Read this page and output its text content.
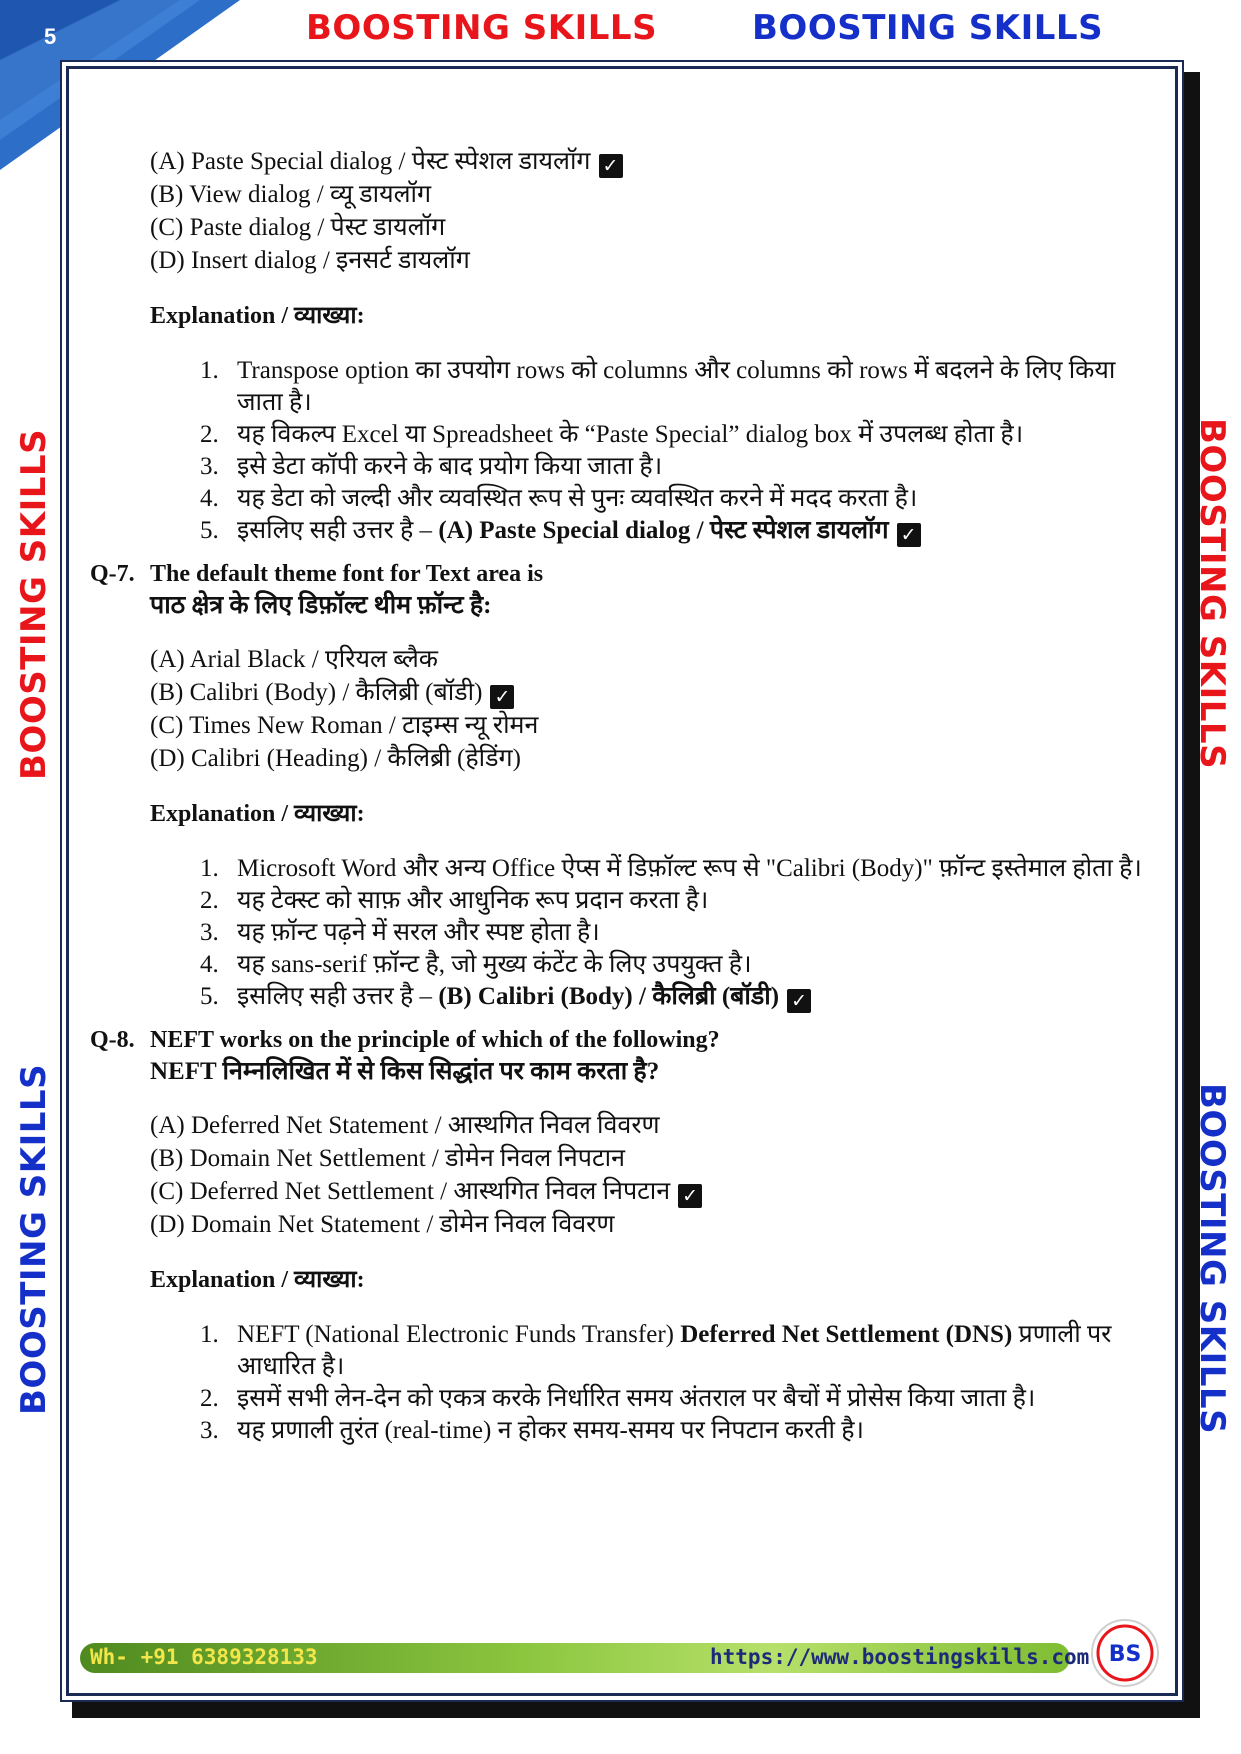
5	BOOSTING SKILLS	BOOSTING SKILLS
BOOSTING SKILLS
BOOSTING SKILLS
BOOSTING SKILLS
BOOSTING SKILLS
(A) Paste Special dialog / पेस्ट स्पेशल डायलॉग ✓
(B) View dialog / व्यू डायलॉग
(C) Paste dialog / पेस्ट डायलॉग
(D) Insert dialog / इनसर्ट डायलॉग
Explanation / व्याख्या:
1. Transpose option का उपयोग rows को columns और columns को rows में बदलने के लिए किया जाता है।
2. यह विकल्प Excel या Spreadsheet के “Paste Special” dialog box में उपलब्ध होता है।
3. इसे डेटा कॉपी करने के बाद प्रयोग किया जाता है।
4. यह डेटा को जल्दी और व्यवस्थित रूप से पुनः व्यवस्थित करने में मदद करता है।
5. इसलिए सही उत्तर है – (A) Paste Special dialog / पेस्ट स्पेशल डायलॉग ✓
Q-7. The default theme font for Text area is
पाठ क्षेत्र के लिए डिफ़ॉल्ट थीम फ़ॉन्ट है:
(A) Arial Black / एरियल ब्लैक
(B) Calibri (Body) / कैलिब्री (बॉडी) ✓
(C) Times New Roman / टाइम्स न्यू रोमन
(D) Calibri (Heading) / कैलिब्री (हेडिंग)
Explanation / व्याख्या:
1. Microsoft Word और अन्य Office ऐप्स में डिफ़ॉल्ट रूप से "Calibri (Body)" फ़ॉन्ट इस्तेमाल होता है।
2. यह टेक्स्ट को साफ़ और आधुनिक रूप प्रदान करता है।
3. यह फ़ॉन्ट पढ़ने में सरल और स्पष्ट होता है।
4. यह sans-serif फ़ॉन्ट है, जो मुख्य कंटेंट के लिए उपयुक्त है।
5. इसलिए सही उत्तर है – (B) Calibri (Body) / कैलिब्री (बॉडी) ✓
Q-8. NEFT works on the principle of which of the following?
NEFT निम्नलिखित में से किस सिद्धांत पर काम करता है?
(A) Deferred Net Statement / आस्थगित निवल विवरण
(B) Domain Net Settlement / डोमेन निवल निपटान
(C) Deferred Net Settlement / आस्थगित निवल निपटान ✓
(D) Domain Net Statement / डोमेन निवल विवरण
Explanation / व्याख्या:
1. NEFT (National Electronic Funds Transfer) Deferred Net Settlement (DNS) प्रणाली पर आधारित है।
2. इसमें सभी लेन-देन को एकत्र करके निर्धारित समय अंतराल पर बैचों में प्रोसेस किया जाता है।
3. यह प्रणाली तुरंत (real-time) न होकर समय-समय पर निपटान करती है।
Wh- +91 6389328133	https://www.boostingskills.com BS
